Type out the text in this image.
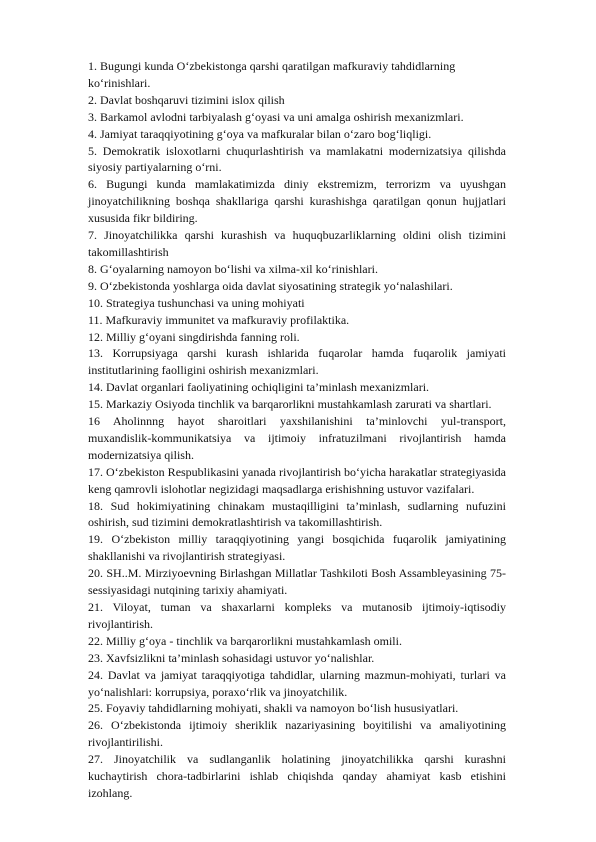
1. Bugungi kunda O‘zbekistonga qarshi qaratilgan mafkuraviy tahdidlarning ko‘rinishlari.

2. Davlat boshqaruvi tizimini islox qilish

3. Barkamol avlodni tarbiyalash g‘oyasi va uni amalga oshirish mexanizmlari.

4. Jamiyat taraqqiyotining g‘oya va mafkuralar bilan o‘zaro bog‘liqligi.

5. Demokratik isloxotlarni chuqurlashtirish va mamlakatni modernizatsiya qilishda siyosiy partiyalarning o‘rni.

6. Bugungi kunda mamlakatimizda diniy ekstremizm, terrorizm va uyushgan jinoyatchilikning boshqa shakllariga qarshi kurashishga qaratilgan qonun hujjatlari xususida fikr bildiring.

7. Jinoyatchilikka qarshi kurashish va huquqbuzarliklarning oldini olish tizimini takomillashtirish

8. G‘oyalarning namoyon bo‘lishi va xilma-xil ko‘rinishlari.

9. O‘zbekistonda yoshlarga oida davlat siyosatining strategik yo‘nalashilari.

10. Strategiya tushunchasi va uning mohiyati

11. Mafkuraviy immunitet va mafkuraviy profilaktika.

12. Milliy g‘oyani singdirishda fanning roli.

13. Korrupsiyaga qarshi kurash ishlarida fuqarolar hamda fuqarolik jamiyati institutlarining faolligini oshirish mexanizmlari.

14. Davlat organlari faoliyatining ochiqligini ta’minlash mexanizmlari.

15. Markaziy Osiyoda tinchlik va barqarorlikni mustahkamlash zarurati va shartlari.

16 Aholinnng hayot sharoitlari yaxshilanishini ta’minlovchi yul-transport, muxandislik-kommunikatsiya va ijtimoiy infratuzilmani rivojlantirish hamda modernizatsiya qilish.

17. O‘zbekiston Respublikasini yanada rivojlantirish bo‘yicha harakatlar strategiyasida keng qamrovli islohotlar negizidagi maqsadlarga erishishning ustuvor vazifalari.

18. Sud hokimiyatining chinakam mustaqilligini ta’minlash, sudlarning nufuzini oshirish, sud tizimini demokratlashtirish va takomillashtirish.

19. O‘zbekiston milliy taraqqiyotining yangi bosqichida fuqarolik jamiyatining shakllanishi va rivojlantirish strategiyasi.

20. SH..M. Mirziyoevning Birlashgan Millatlar Tashkiloti Bosh Assambleyasining 75- sessiyasidagi nutqining tarixiy ahamiyati.

21. Viloyat, tuman va shaxarlarni kompleks va mutanosib ijtimoiy-iqtisodiy rivojlantirish.

22. Milliy g‘oya - tinchlik va barqarorlikni mustahkamlash omili.

23. Xavfsizlikni ta’minlash sohasidagi ustuvor yo‘nalishlar.

24. Davlat va jamiyat taraqqiyotiga tahdidlar, ularning mazmun-mohiyati, turlari va yo‘nalishlari: korrupsiya, poraxo‘rlik va jinoyatchilik.

25. Foyaviy tahdidlarning mohiyati, shakli va namoyon bo‘lish hususiyatlari.

26. O‘zbekistonda ijtimoiy sheriklik nazariyasining boyitilishi va amaliyotining rivojlantirilishi.

27. Jinoyatchilik va sudlanganlik holatining jinoyatchilikka qarshi kurashni kuchaytirish chora-tadbirlarini ishlab chiqishda qanday ahamiyat kasb etishini izohlang.
